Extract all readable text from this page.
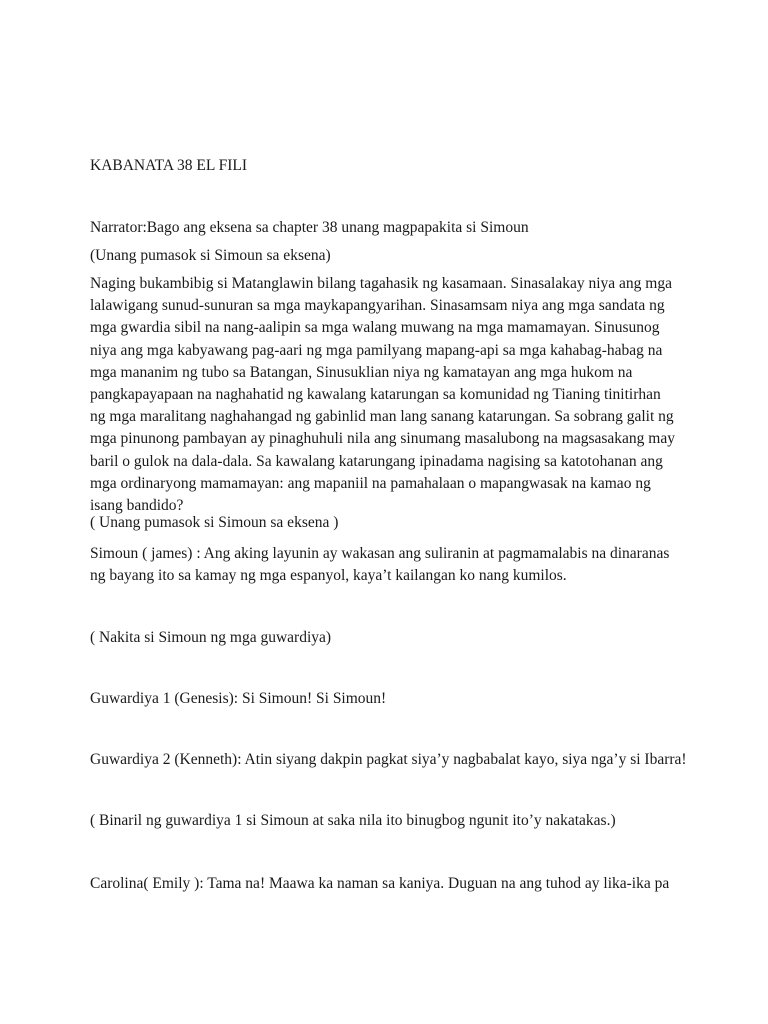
KABANATA 38 EL FILI

Narrator:Bago ang eksena sa chapter 38 unang magpapakita si Simoun

(Unang pumasok si Simoun sa eksena)

Naging bukambibig si Matanglawin bilang tagahasik ng kasamaan. Sinasalakay niya ang mga lalawigang sunud-sunuran sa mga maykapangyarihan. Sinasamsam niya ang mga sandata ng mga gwardia sibil na nang-aalipin sa mga walang muwang na mga mamamayan. Sinusunog niya ang mga kabyawang pag-aari ng mga pamilyang mapang-api sa mga kahabag-habag na mga mananim ng tubo sa Batangan, Sinusuklian niya ng kamatayan ang mga hukom na pangkapayapaan na naghahatid ng kawalang katarungan sa komunidad ng Tianing tinitirhan ng mga maralitang naghahangad ng gabinlid man lang sanang katarungan. Sa sobrang galit ng mga pinunong pambayan ay pinaghuhuli nila ang sinumang masalubong na magsasakang may baril o gulok na dala-dala. Sa kawalang katarungang ipinadama nagising sa katotohanan ang mga ordinaryong mamamayan: ang mapaniil na pamahalaan o mapangwasak na kamao ng isang bandido?

( Unang pumasok si Simoun sa eksena )

Simoun ( james) : Ang aking layunin ay wakasan ang suliranin at pagmamalabis na dinaranas ng bayang ito sa kamay ng mga espanyol, kaya’t kailangan ko nang kumilos.

( Nakita si Simoun ng mga guwardiya)

Guwardiya 1 (Genesis): Si Simoun! Si Simoun!

Guwardiya 2 (Kenneth): Atin siyang dakpin pagkat siya’y nagbabalat kayo, siya nga’y si Ibarra!

( Binaril ng guwardiya 1 si Simoun at saka nila ito binugbog ngunit ito’y nakatakas.)

Carolina( Emily ): Tama na! Maawa ka naman sa kaniya. Duguan na ang tuhod ay lika-ika pa
